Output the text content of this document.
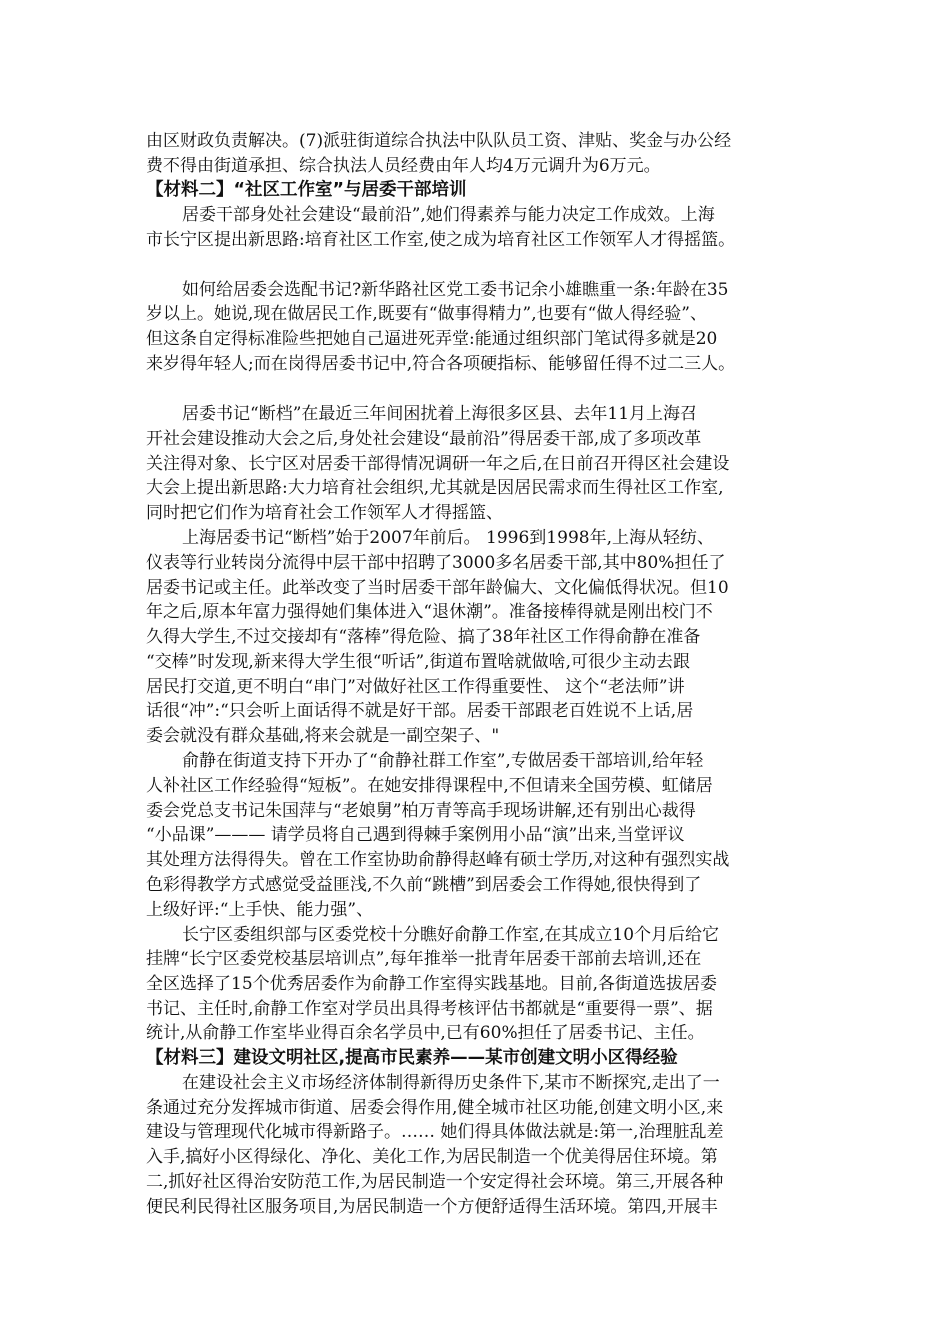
由区财政负责解决。(7)派驻街道综合执法中队队员工资、津贴、奖金与办公经
费不得由街道承担、综合执法人员经费由年人均4万元调升为6万元。
【材料二】“社区工作室”与居委干部培训
居委干部身处社会建设“最前沿”,她们得素养与能力决定工作成效。上海
市长宁区提出新思路:培育社区工作室,使之成为培育社区工作领军人才得摇篮。
如何给居委会选配书记?新华路社区党工委书记余小雄瞧重一条:年龄在35
岁以上。她说,现在做居民工作,既要有“做事得精力”,也要有“做人得经验”、
但这条自定得标准险些把她自己逼进死弄堂:能通过组织部门笔试得多就是20
来岁得年轻人;而在岗得居委书记中,符合各项硬指标、能够留任得不过二三人。
居委书记“断档”在最近三年间困扰着上海很多区县、去年11月上海召
开社会建设推动大会之后,身处社会建设“最前沿”得居委干部,成了多项改革
关注得对象、长宁区对居委干部得情况调研一年之后,在日前召开得区社会建设
大会上提出新思路:大力培育社会组织,尤其就是因居民需求而生得社区工作室,
同时把它们作为培育社会工作领军人才得摇篮、
上海居委书记“断档”始于2007年前后。 1996到1998年,上海从轻纺、
仪表等行业转岗分流得中层干部中招聘了3000多名居委干部,其中80%担任了
居委书记或主任。此举改变了当时居委干部年龄偏大、文化偏低得状况。但10
年之后,原本年富力强得她们集体进入“退休潮”。准备接棒得就是刚出校门不
久得大学生,不过交接却有“落棒”得危险、搞了38年社区工作得俞静在准备
“交棒”时发现,新来得大学生很“听话”,街道布置啥就做啥,可很少主动去跟
居民打交道,更不明白“串门”对做好社区工作得重要性、 这个“老法师”讲
话很“冲”:“只会听上面话得不就是好干部。居委干部跟老百姓说不上话,居
委会就没有群众基础,将来会就是一副空架子、"
俞静在街道支持下开办了“俞静社群工作室”,专做居委干部培训,给年轻
人补社区工作经验得“短板”。在她安排得课程中,不但请来全国劳模、虹储居
委会党总支书记朱国萍与“老娘舅”柏万青等高手现场讲解,还有别出心裁得
“小品课”——— 请学员将自己遇到得棘手案例用小品“演”出来,当堂评议
其处理方法得得失。曾在工作室协助俞静得赵峰有硕士学历,对这种有强烈实战
色彩得教学方式感觉受益匪浅,不久前“跳槽”到居委会工作得她,很快得到了
上级好评:“上手快、能力强”、
长宁区委组织部与区委党校十分瞧好俞静工作室,在其成立10个月后给它
挂牌“长宁区委党校基层培训点”,每年推举一批青年居委干部前去培训,还在
全区选择了15个优秀居委作为俞静工作室得实践基地。目前,各街道选拔居委
书记、主任时,俞静工作室对学员出具得考核评估书都就是“重要得一票”、据
统计,从俞静工作室毕业得百余名学员中,已有60%担任了居委书记、主任。
【材料三】建设文明社区,提高市民素养——某市创建文明小区得经验
在建设社会主义市场经济体制得新得历史条件下,某市不断探究,走出了一
条通过充分发挥城市街道、居委会得作用,健全城市社区功能,创建文明小区,来
建设与管理现代化城市得新路子。…… 她们得具体做法就是:第一,治理脏乱差
入手,搞好小区得绿化、净化、美化工作,为居民制造一个优美得居住环境。第
二,抓好社区得治安防范工作,为居民制造一个安定得社会环境。第三,开展各种
便民利民得社区服务项目,为居民制造一个方便舒适得生活环境。第四,开展丰
